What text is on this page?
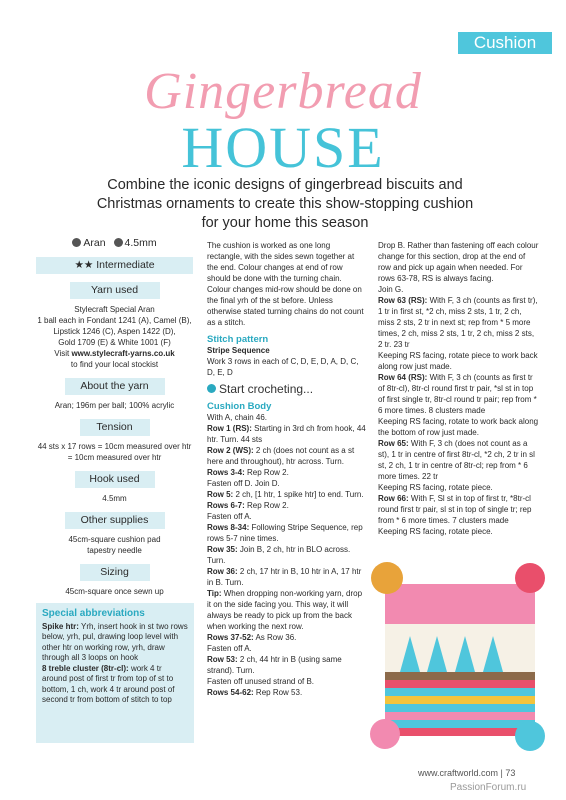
Cushion
Gingerbread
HOUSE
Combine the iconic designs of gingerbread biscuits and Christmas ornaments to create this show-stopping cushion for your home this season
Aran	4.5mm
★★ Intermediate
Yarn used
Stylecraft Special Aran
1 ball each in Fondant 1241 (A), Camel (B),
Lipstick 1246 (C), Aspen 1422 (D),
Gold 1709 (E) & White 1001 (F)
Visit www.stylecraft-yarns.co.uk
to find your local stockist
About the yarn
Aran; 196m per ball; 100% acrylic
Tension
44 sts x 17 rows = 10cm measured over htr = 10cm measured over htr
Hook used
4.5mm
Other supplies
45cm-square cushion pad
tapestry needle
Sizing
45cm-square once sewn up
Special abbreviations
Spike htr: Yrh, insert hook in st two rows below, yrh, pul, drawing loop level with other htr on working row, yrh, draw through all 3 loops on hook
8 treble cluster (8tr-cl): work 4 tr around post of first tr from top of st to bottom, 1 ch, work 4 tr around post of second tr from bottom of stitch to top
The cushion is worked as one long rectangle, with the sides sewn together at the end. Colour changes at end of row should be done with the turning chain. Colour changes mid-row should be done on the final yrh of the st before. Unless otherwise stated turning chains do not count as a stitch.
Stitch pattern
Stripe Sequence
Work 3 rows in each of C, D, E, D, A, D, C, D, E, D
Start crocheting...
Cushion Body
With A, chain 46.
Row 1 (RS): Starting in 3rd ch from hook, 44 htr. Turn. 44 sts
Row 2 (WS): 2 ch (does not count as a st here and throughout), htr across. Turn.
Rows 3-4: Rep Row 2.
Fasten off D. Join D.
Row 5: 2 ch, [1 htr, 1 spike htr] to end. Turn.
Rows 6-7: Rep Row 2.
Fasten off A.
Rows 8-34: Following Stripe Sequence, rep rows 5-7 nine times.
Row 35: Join B, 2 ch, htr in BLO across. Turn.
Row 36: 2 ch, 17 htr in B, 10 htr in A, 17 htr in B. Turn.
Tip: When dropping non-working yarn, drop it on the side facing you. This way, it will always be ready to pick up from the back when working the next row.
Rows 37-52: As Row 36.
Fasten off A.
Row 53: 2 ch, 44 htr in B (using same strand). Turn.
Fasten off unused strand of B.
Rows 54-62: Rep Row 53.
Drop B. Rather than fastening off each colour change for this section, drop at the end of row and pick up again when needed. For rows 63-78, RS is always facing.
Join G.
Row 63 (RS): With F, 3 ch (counts as first tr), 1 tr in first st, *2 ch, miss 2 sts, 1 tr, 2 ch, miss 2 sts, 2 tr in next st; rep from * 5 more times, 2 ch, miss 2 sts, 1 tr, 2 ch, miss 2 sts, 2 tr. 23 tr
Keeping RS facing, rotate piece to work back along row just made.
Row 64 (RS): With F, 3 ch (counts as first tr of 8tr-cl), 8tr-cl round first tr pair, *sl st in top of first single tr, 8tr-cl round tr pair; rep from * 6 more times. 8 clusters made
Keeping RS facing, rotate to work back along the bottom of row just made.
Row 65: With F, 3 ch (does not count as a st), 1 tr in centre of first 8tr-cl, *2 ch, 2 tr in sl st, 2 ch, 1 tr in centre of 8tr-cl; rep from * 6 more times. 22 tr
Keeping RS facing, rotate piece.
Row 66: With F, Sl st in top of first tr, *8tr-cl round first tr pair, sl st in top of single tr; rep from * 6 more times. 7 clusters made
Keeping RS facing, rotate piece.
www.craftworld.com | 73
PassionForum.ru
